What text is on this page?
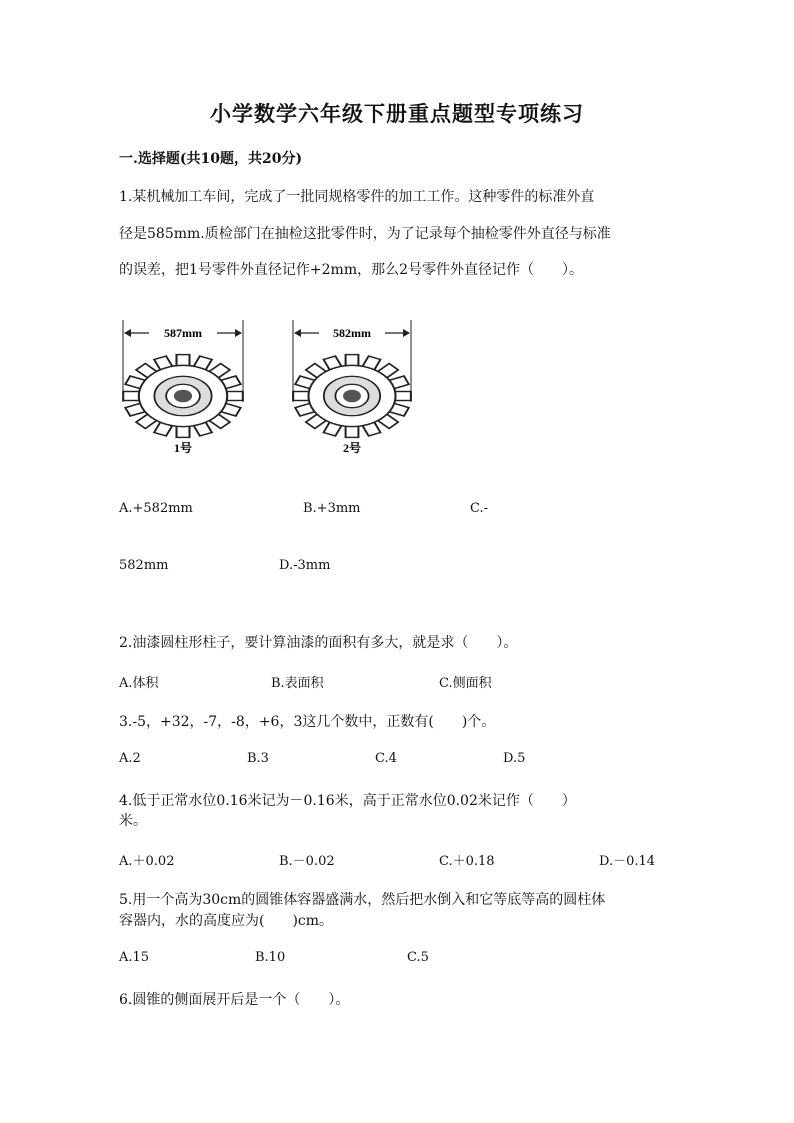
小学数学六年级下册重点题型专项练习
一.选择题(共10题，共20分)
1.某机械加工车间，完成了一批同规格零件的加工工作。这种零件的标准外直
径是585mm.质检部门在抽检这批零件时，为了记录每个抽检零件外直径与标准
的误差，把1号零件外直径记作+2mm，那么2号零件外直径记作（　　）。
587mm
1号
582mm
2号
A.+582mm	B.+3mm	C.-
582mm	D.-3mm
2.油漆圆柱形柱子，要计算油漆的面积有多大，就是求（　　）。
A.体积	B.表面积	C.侧面积
3.-5，+32，-7，-8，+6，3这几个数中，正数有(　　)个。
A.2	B.3	C.4	D.5
4.低于正常水位0.16米记为－0.16米，高于正常水位0.02米记作（　　）
米。
A.＋0.02	B.－0.02	C.＋0.18	D.－0.14
5.用一个高为30cm的圆锥体容器盛满水，然后把水倒入和它等底等高的圆柱体
容器内，水的高度应为(　　)cm。
A.15	B.10	C.5
6.圆锥的侧面展开后是一个（　　）。
